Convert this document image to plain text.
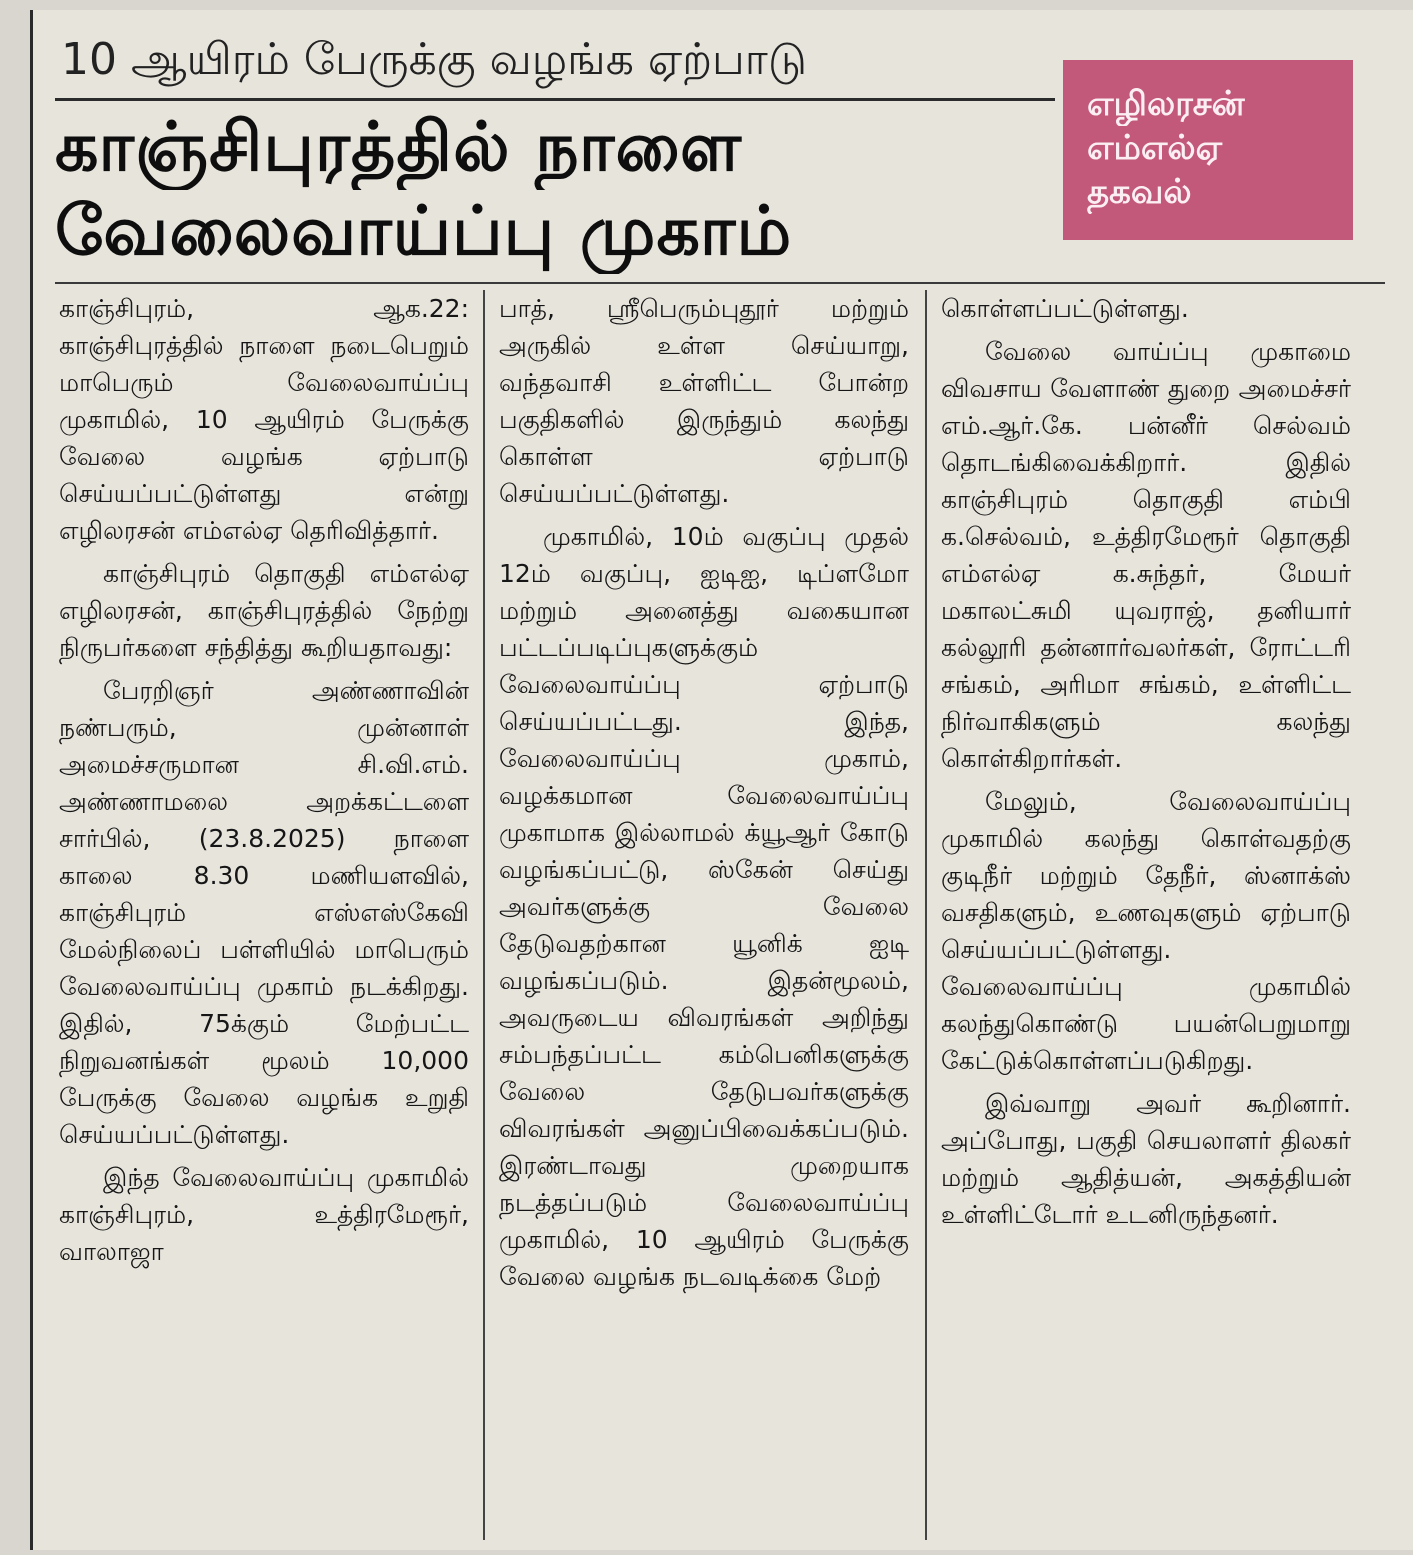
10 ஆயிரம் பேருக்கு வழங்க ஏற்பாடு
காஞ்சிபுரத்தில் நாளை
வேலைவாய்ப்பு முகாம்
எழிலரசன்
எம்எல்ஏ
தகவல்

காஞ்சிபுரம், ஆக.22: காஞ்சிபுரத்தில் நாளை நடைபெறும் மாபெரும் வேலைவாய்ப்பு முகாமில், 10 ஆயிரம் பேருக்கு வேலை வழங்க ஏற்பாடு செய்யப்பட்டுள்ளது என்று எழிலரசன் எம்எல்ஏ தெரிவித்தார்.

காஞ்சிபுரம் தொகுதி எம்எல்ஏ எழிலரசன், காஞ்சிபுரத்தில் நேற்று நிருபர்களை சந்தித்து கூறியதாவது:

பேரறிஞர் அண்ணாவின் நண்பரும், முன்னாள் அமைச்சருமான சி.வி.எம். அண்ணாமலை அறக்கட்டளை சார்பில், (23.8.2025) நாளை காலை 8.30 மணியளவில், காஞ்சிபுரம் எஸ்எஸ்கேவி மேல்நிலைப் பள்ளியில் மாபெரும் வேலைவாய்ப்பு முகாம் நடக்கிறது. இதில், 75க்கும் மேற்பட்ட நிறுவனங்கள் மூலம் 10,000 பேருக்கு வேலை வழங்க உறுதி செய்யப்பட்டுள்ளது.

இந்த வேலைவாய்ப்பு முகாமில் காஞ்சிபுரம், உத்திரமேரூர், வாலாஜா

பாத், ஸ்ரீபெரும்புதூர் மற்றும் அருகில் உள்ள செய்யாறு, வந்தவாசி உள்ளிட்ட போன்ற பகுதிகளில் இருந்தும் கலந்து கொள்ள ஏற்பாடு செய்யப்பட்டுள்ளது.

முகாமில், 10ம் வகுப்பு முதல் 12ம் வகுப்பு, ஐடிஐ, டிப்ளமோ மற்றும் அனைத்து வகையான பட்டப்படிப்புகளுக்கும் வேலைவாய்ப்பு ஏற்பாடு செய்யப்பட்டது. இந்த, வேலைவாய்ப்பு முகாம், வழக்கமான வேலைவாய்ப்பு முகாமாக இல்லாமல் க்யூஆர் கோடு வழங்கப்பட்டு, ஸ்கேன் செய்து அவர்களுக்கு வேலை தேடுவதற்கான யூனிக் ஐடி வழங்கப்படும். இதன்மூலம், அவருடைய விவரங்கள் அறிந்து சம்பந்தப்பட்ட கம்பெனிகளுக்கு வேலை தேடுபவர்களுக்கு விவரங்கள் அனுப்பிவைக்கப்படும். இரண்டாவது முறையாக நடத்தப்படும் வேலைவாய்ப்பு முகாமில், 10 ஆயிரம் பேருக்கு வேலை வழங்க நடவடிக்கை மேற்

கொள்ளப்பட்டுள்ளது.

வேலை வாய்ப்பு முகாமை விவசாய வேளாண் துறை அமைச்சர் எம்.ஆர்.கே. பன்னீர் செல்வம் தொடங்கிவைக்கிறார். இதில் காஞ்சிபுரம் தொகுதி எம்பி க.செல்வம், உத்திரமேரூர் தொகுதி எம்எல்ஏ க.சுந்தர், மேயர் மகாலட்சுமி யுவராஜ், தனியார் கல்லூரி தன்னார்வலர்கள், ரோட்டரி சங்கம், அரிமா சங்கம், உள்ளிட்ட நிர்வாகிகளும் கலந்து கொள்கிறார்கள்.

மேலும், வேலைவாய்ப்பு முகாமில் கலந்து கொள்வதற்கு குடிநீர் மற்றும் தேநீர், ஸ்னாக்ஸ் வசதிகளும், உணவுகளும் ஏற்பாடு செய்யப்பட்டுள்ளது. வேலைவாய்ப்பு முகாமில் கலந்துகொண்டு பயன்பெறுமாறு கேட்டுக்கொள்ளப்படுகிறது.

இவ்வாறு அவர் கூறினார். அப்போது, பகுதி செயலாளர் திலகர் மற்றும் ஆதித்யன், அகத்தியன் உள்ளிட்டோர் உடனிருந்தனர்.
